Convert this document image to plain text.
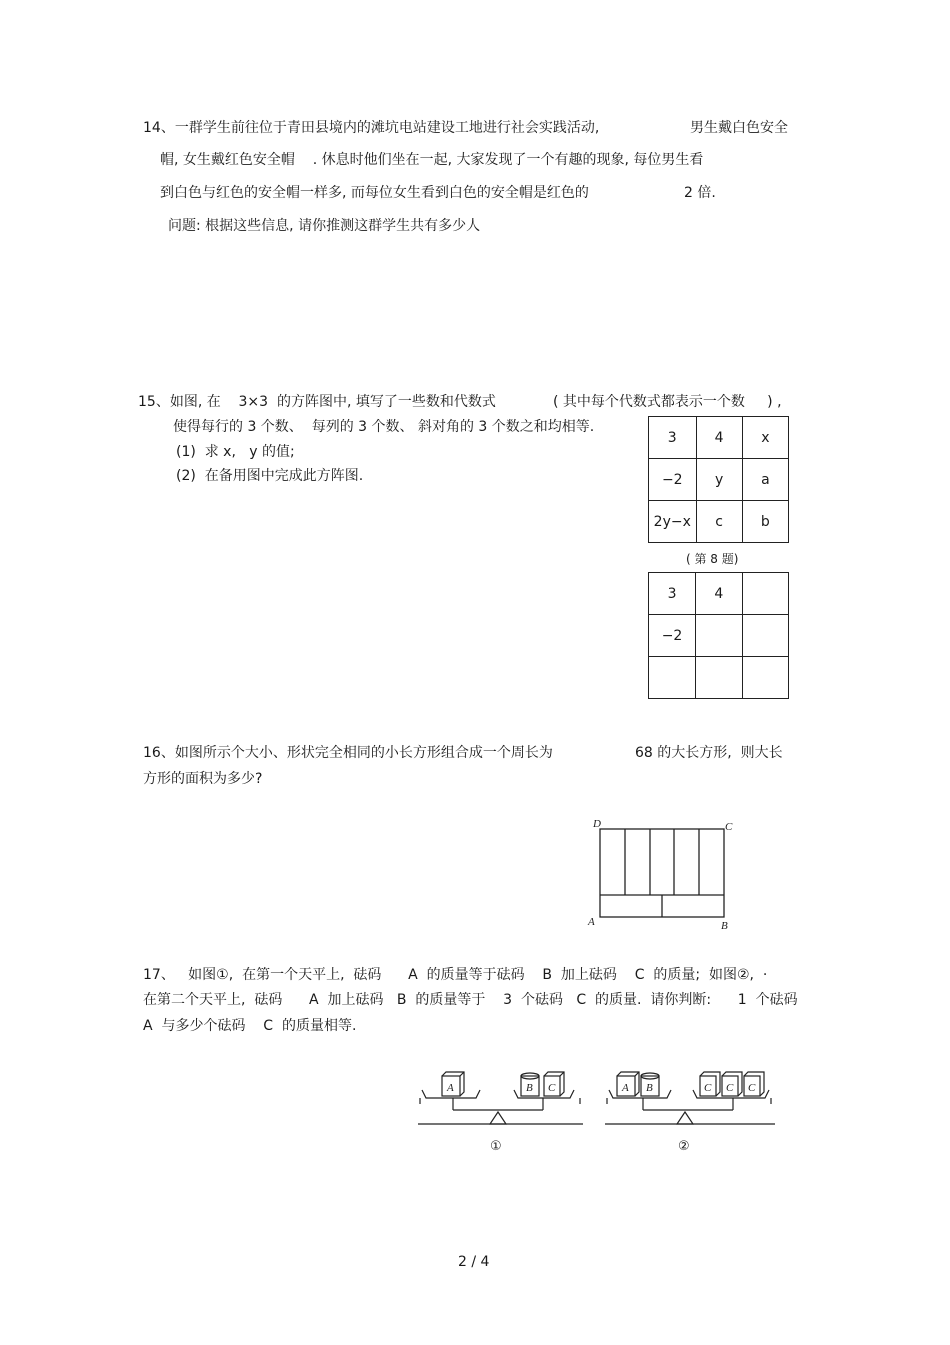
14、一群学生前往位于青田县境内的滩坑电站建设工地进行社会实践活动,	男生戴白色安全
帽, 女生戴红色安全帽    . 休息时他们坐在一起, 大家发现了一个有趣的现象, 每位男生看
到白色与红色的安全帽一样多, 而每位女生看到白色的安全帽是红色的	2 倍.
问题: 根据这些信息, 请你推测这群学生共有多少人
15、如图, 在    3×3  的方阵图中, 填写了一些数和代数式	( 其中每个代数式都表示一个数     ) ,
使得每行的 3 个数、  每列的 3 个数、 斜对角的 3 个数之和均相等.
(1)  求 x,   y 的值;
(2)  在备用图中完成此方阵图.
3	4	x
−2	y	a
2y−x	c	b
( 第 8 题)
3	4	
−2		

16、如图所示个大小、形状完全相同的小长方形组合成一个周长为	68 的大长方形,  则大长
方形的面积为多少?
D	C
A	B
17、   如图①,  在第一个天平上,  砝码      A  的质量等于砝码    B  加上砝码    C  的质量;  如图②,  ·
在第二个天平上,  砝码      A  加上砝码   B  的质量等于    3  个砝码   C  的质量.  请你判断:      1  个砝码
A  与多少个砝码    C  的质量相等.
A	B C
①
A B	C C C
②
2 / 4
